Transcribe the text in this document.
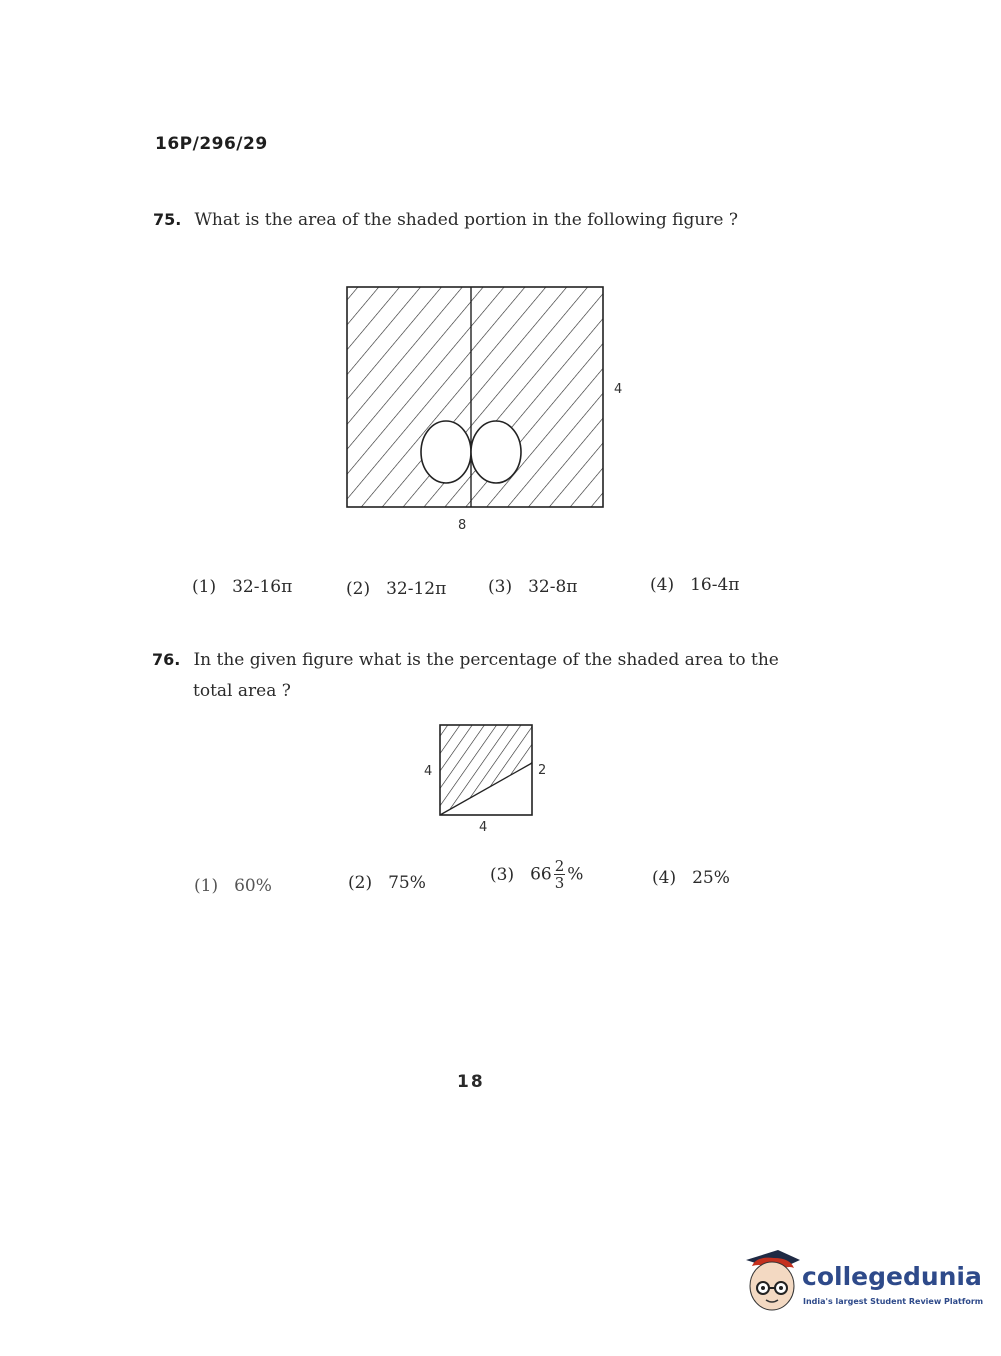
16P/296/29
75. What is the area of the shaded portion in the following figure ?
4
8
(1) 32-16π	(2) 32-12π (3) 32-8π	(4) 16-4π
76. In the given figure what is the percentage of the shaded area to the
total area ?
4	2
4
(1) 60%	(2) 75%	(3) $66 \frac{2}{3}$ %	(4) 25%
18
collegedunia
India's largest Student Review Platform
